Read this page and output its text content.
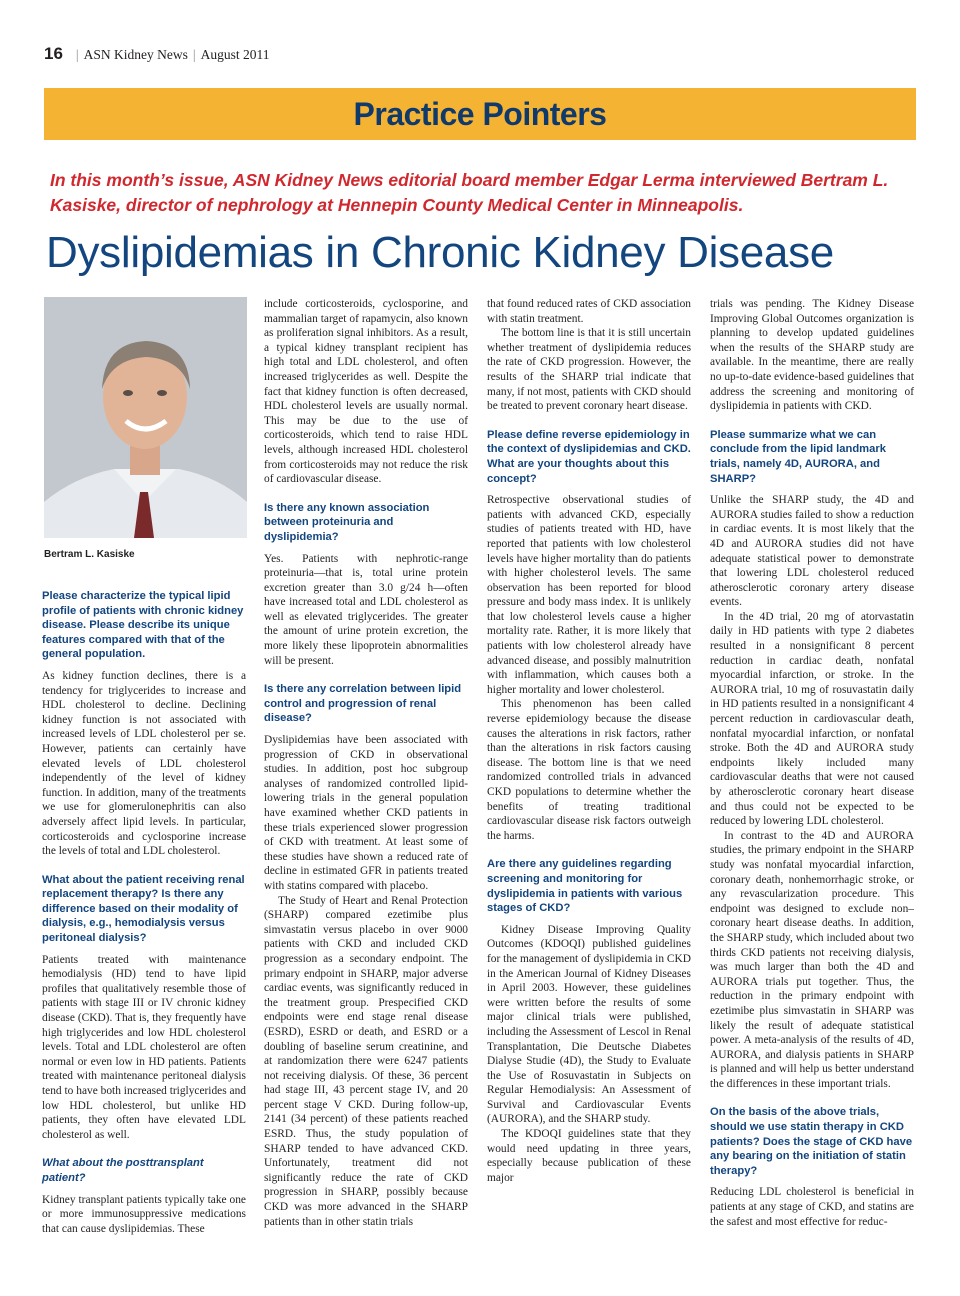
16 | ASN Kidney News | August 2011
Practice Pointers

In this month’s issue, ASN Kidney News editorial board member Edgar Lerma interviewed Bertram L. Kasiske, director of nephrology at Hennepin County Medical Center in Minneapolis.

Dyslipidemias in Chronic Kidney Disease
Bertram L. Kasiske
Please characterize the typical lipid profile of patients with chronic kidney disease. Please describe its unique features compared with that of the general population.

As kidney function declines, there is a tendency for triglycerides to increase and HDL cholesterol to decline. Declining kidney function is not associated with increased levels of LDL cholesterol per se. However, patients can certainly have elevated levels of LDL cholesterol independently of the level of kidney function. In addition, many of the treatments we use for glomerulonephritis can also adversely affect lipid levels. In particular, corticosteroids and cyclosporine increase the levels of total and LDL cholesterol.

What about the patient receiving renal replacement therapy? Is there any difference based on their modality of dialysis, e.g., hemodialysis versus peritoneal dialysis?

Patients treated with maintenance hemodialysis (HD) tend to have lipid profiles that qualitatively resemble those of patients with stage III or IV chronic kidney disease (CKD). That is, they frequently have high triglycerides and low HDL cholesterol levels. Total and LDL cholesterol are often normal or even low in HD patients. Patients treated with maintenance peritoneal dialysis tend to have both increased triglycerides and low HDL cholesterol, but unlike HD patients, they often have elevated LDL cholesterol as well.

What about the posttransplant patient?

Kidney transplant patients typically take one or more immunosuppressive medications that can cause dyslipidemias. These

include corticosteroids, cyclosporine, and mammalian target of rapamycin, also known as proliferation signal inhibitors. As a result, a typical kidney transplant recipient has high total and LDL cholesterol, and often increased triglycerides as well. Despite the fact that kidney function is often decreased, HDL cholesterol levels are usually normal. This may be due to the use of corticosteroids, which tend to raise HDL levels, although increased HDL cholesterol from corticosteroids may not reduce the risk of cardiovascular disease.

Is there any known association between proteinuria and dyslipidemia?

Yes. Patients with nephrotic-range proteinuria—that is, total urine protein excretion greater than 3.0 g/24 h—often have increased total and LDL cholesterol as well as elevated triglycerides. The greater the amount of urine protein excretion, the more likely these lipoprotein abnormalities will be present.

Is there any correlation between lipid control and progression of renal disease?

Dyslipidemias have been associated with progression of CKD in observational studies. In addition, post hoc subgroup analyses of randomized controlled lipid-lowering trials in the general population have examined whether CKD patients in these trials experienced slower progression of CKD with treatment. At least some of these studies have shown a reduced rate of decline in estimated GFR in patients treated with statins compared with placebo.

The Study of Heart and Renal Protection (SHARP) compared ezetimibe plus simvastatin versus placebo in over 9000 patients with CKD and included CKD progression as a secondary endpoint. The primary endpoint in SHARP, major adverse cardiac events, was significantly reduced in the treatment group. Prespecified CKD endpoints were end stage renal disease (ESRD), ESRD or death, and ESRD or a doubling of baseline serum creatinine, and at randomization there were 6247 patients not receiving dialysis. Of these, 36 percent had stage III, 43 percent stage IV, and 20 percent stage V CKD. During follow-up, 2141 (34 percent) of these patients reached ESRD. Thus, the study population of SHARP tended to have advanced CKD. Unfortunately, treatment did not significantly reduce the rate of CKD progression in SHARP, possibly because CKD was more advanced in the SHARP patients than in other statin trials

that found reduced rates of CKD association with statin treatment.

The bottom line is that it is still uncertain whether treatment of dyslipidemia reduces the rate of CKD progression. However, the results of the SHARP trial indicate that many, if not most, patients with CKD should be treated to prevent coronary heart disease.

Please define reverse epidemiology in the context of dyslipidemias and CKD. What are your thoughts about this concept?

Retrospective observational studies of patients with advanced CKD, especially studies of patients treated with HD, have reported that patients with low cholesterol levels have higher mortality than do patients with higher cholesterol levels. The same observation has been reported for blood pressure and body mass index. It is unlikely that low cholesterol levels cause a higher mortality rate. Rather, it is more likely that patients with low cholesterol already have advanced disease, and possibly malnutrition with inflammation, which causes both a higher mortality and lower cholesterol.

This phenomenon has been called reverse epidemiology because the disease causes the alterations in risk factors, rather than the alterations in risk factors causing disease. The bottom line is that we need randomized controlled trials in advanced CKD populations to determine whether the benefits of treating traditional cardiovascular disease risk factors outweigh the harms.

Are there any guidelines regarding screening and monitoring for dyslipidemia in patients with various stages of CKD?

Kidney Disease Improving Quality Outcomes (KDOQI) published guidelines for the management of dyslipidemia in CKD in the American Journal of Kidney Diseases in April 2003. However, these guidelines were written before the results of some major clinical trials were published, including the Assessment of Lescol in Renal Transplantation, Die Deutsche Diabetes Dialyse Studie (4D), the Study to Evaluate the Use of Rosuvastatin in Subjects on Regular Hemodialysis: An Assessment of Survival and Cardiovascular Events (AURORA), and the SHARP study.

The KDOQI guidelines state that they would need updating in three years, especially because publication of these major

trials was pending. The Kidney Disease Improving Global Outcomes organization is planning to develop updated guidelines when the results of the SHARP study are available. In the meantime, there are really no up-to-date evidence-based guidelines that address the screening and monitoring of dyslipidemia in patients with CKD.

Please summarize what we can conclude from the lipid landmark trials, namely 4D, AURORA, and SHARP?

Unlike the SHARP study, the 4D and AURORA studies failed to show a reduction in cardiac events. It is most likely that the 4D and AURORA studies did not have adequate statistical power to demonstrate that lowering LDL cholesterol reduced atherosclerotic coronary artery disease events.

In the 4D trial, 20 mg of atorvastatin daily in HD patients with type 2 diabetes resulted in a nonsignificant 8 percent reduction in cardiac death, nonfatal myocardial infarction, or stroke. In the AURORA trial, 10 mg of rosuvastatin daily in HD patients resulted in a nonsignificant 4 percent reduction in cardiovascular death, nonfatal myocardial infarction, or nonfatal stroke. Both the 4D and AURORA study endpoints likely included many cardiovascular deaths that were not caused by atherosclerotic coronary heart disease and thus could not be expected to be reduced by lowering LDL cholesterol.

In contrast to the 4D and AURORA studies, the primary endpoint in the SHARP study was nonfatal myocardial infarction, coronary death, nonhemorrhagic stroke, or any revascularization procedure. This endpoint was designed to exclude non–coronary heart disease deaths. In addition, the SHARP study, which included about two thirds CKD patients not receiving dialysis, was much larger than both the 4D and AURORA trials put together. Thus, the reduction in the primary endpoint with ezetimibe plus simvastatin in SHARP was likely the result of adequate statistical power. A meta-analysis of the results of 4D, AURORA, and dialysis patients in SHARP is planned and will help us better understand the differences in these important trials.

On the basis of the above trials, should we use statin therapy in CKD patients? Does the stage of CKD have any bearing on the initiation of statin therapy?

Reducing LDL cholesterol is beneficial in patients at any stage of CKD, and statins are the safest and most effective for reduc-
